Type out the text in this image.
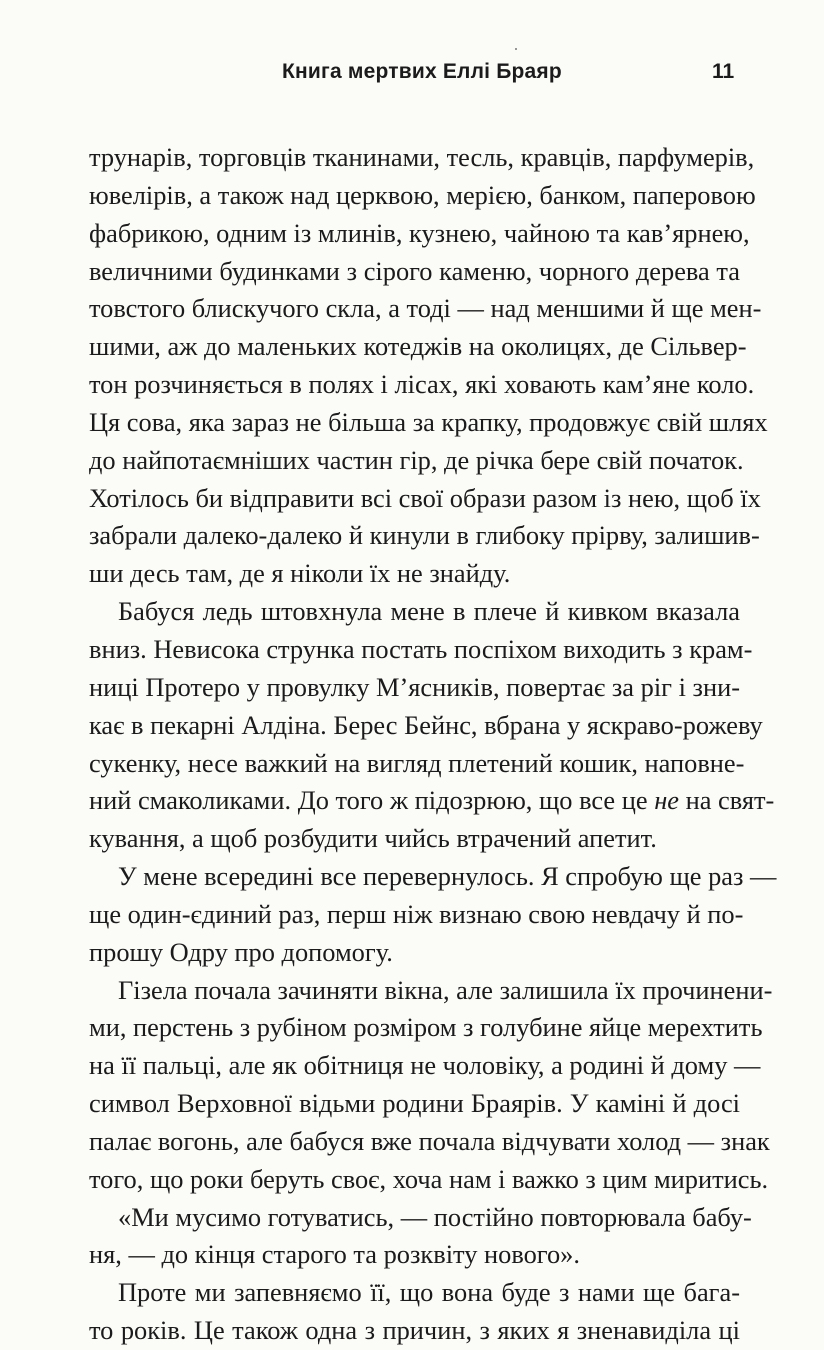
Книга мертвих Еллі Браяр	11
трунарів, торговців тканинами, тесль, кравців, парфумерів,
ювелірів, а також над церквою, мерією, банком, паперовою
фабрикою, одним із млинів, кузнею, чайною та кав’ярнею,
величними будинками з сірого каменю, чорного дерева та
товстого блискучого скла, а тоді — над меншими й ще мен-
шими, аж до маленьких котеджів на околицях, де Сільвер-
тон розчиняється в полях і лісах, які ховають кам’яне коло.
Ця сова, яка зараз не більша за крапку, продовжує свій шлях
до найпотаємніших частин гір, де річка бере свій початок.
Хотілось би відправити всі свої образи разом із нею, щоб їх
забрали далеко-далеко й кинули в глибоку прірву, залишив-
ши десь там, де я ніколи їх не знайду.
Бабуся ледь штовхнула мене в плече й кивком вказала
вниз. Невисока стрункa постать поспіхом виходить з крам-
ниці Протеро у провулку М’ясників, повертає за ріг і зни-
кає в пекарні Алдіна. Берес Бейнс, вбрана у яскраво-рожеву
сукенку, несе важкий на вигляд плетений кошик, наповне-
ний смаколиками. До того ж підозрюю, що все це не на свят-
кування, а щоб розбудити чийсь втрачений апетит.
У мене всередині все перевернулось. Я спробую ще раз —
ще один-єдиний раз, перш ніж визнаю свою невдачу й по-
прошу Одру про допомогу.
Гізела почала зачиняти вікна, але залишила їх прочинени-
ми, перстень з рубіном розміром з голубине яйце мерехтить
на її пальці, але як обітниця не чоловіку, а родині й дому —
символ Верховної відьми родини Браярів. У каміні й досі
палає вогонь, але бабуся вже почала відчувати холод — знак
того, що роки беруть своє, хоча нам і важко з цим миритись.
«Ми мусимо готуватись, — постійно повторювала бабу-
ня, — до кінця старого та розквіту нового».
Проте ми запевняємо її, що вона буде з нами ще бага-
то років. Це також одна з причин, з яких я зненавиділа ці
